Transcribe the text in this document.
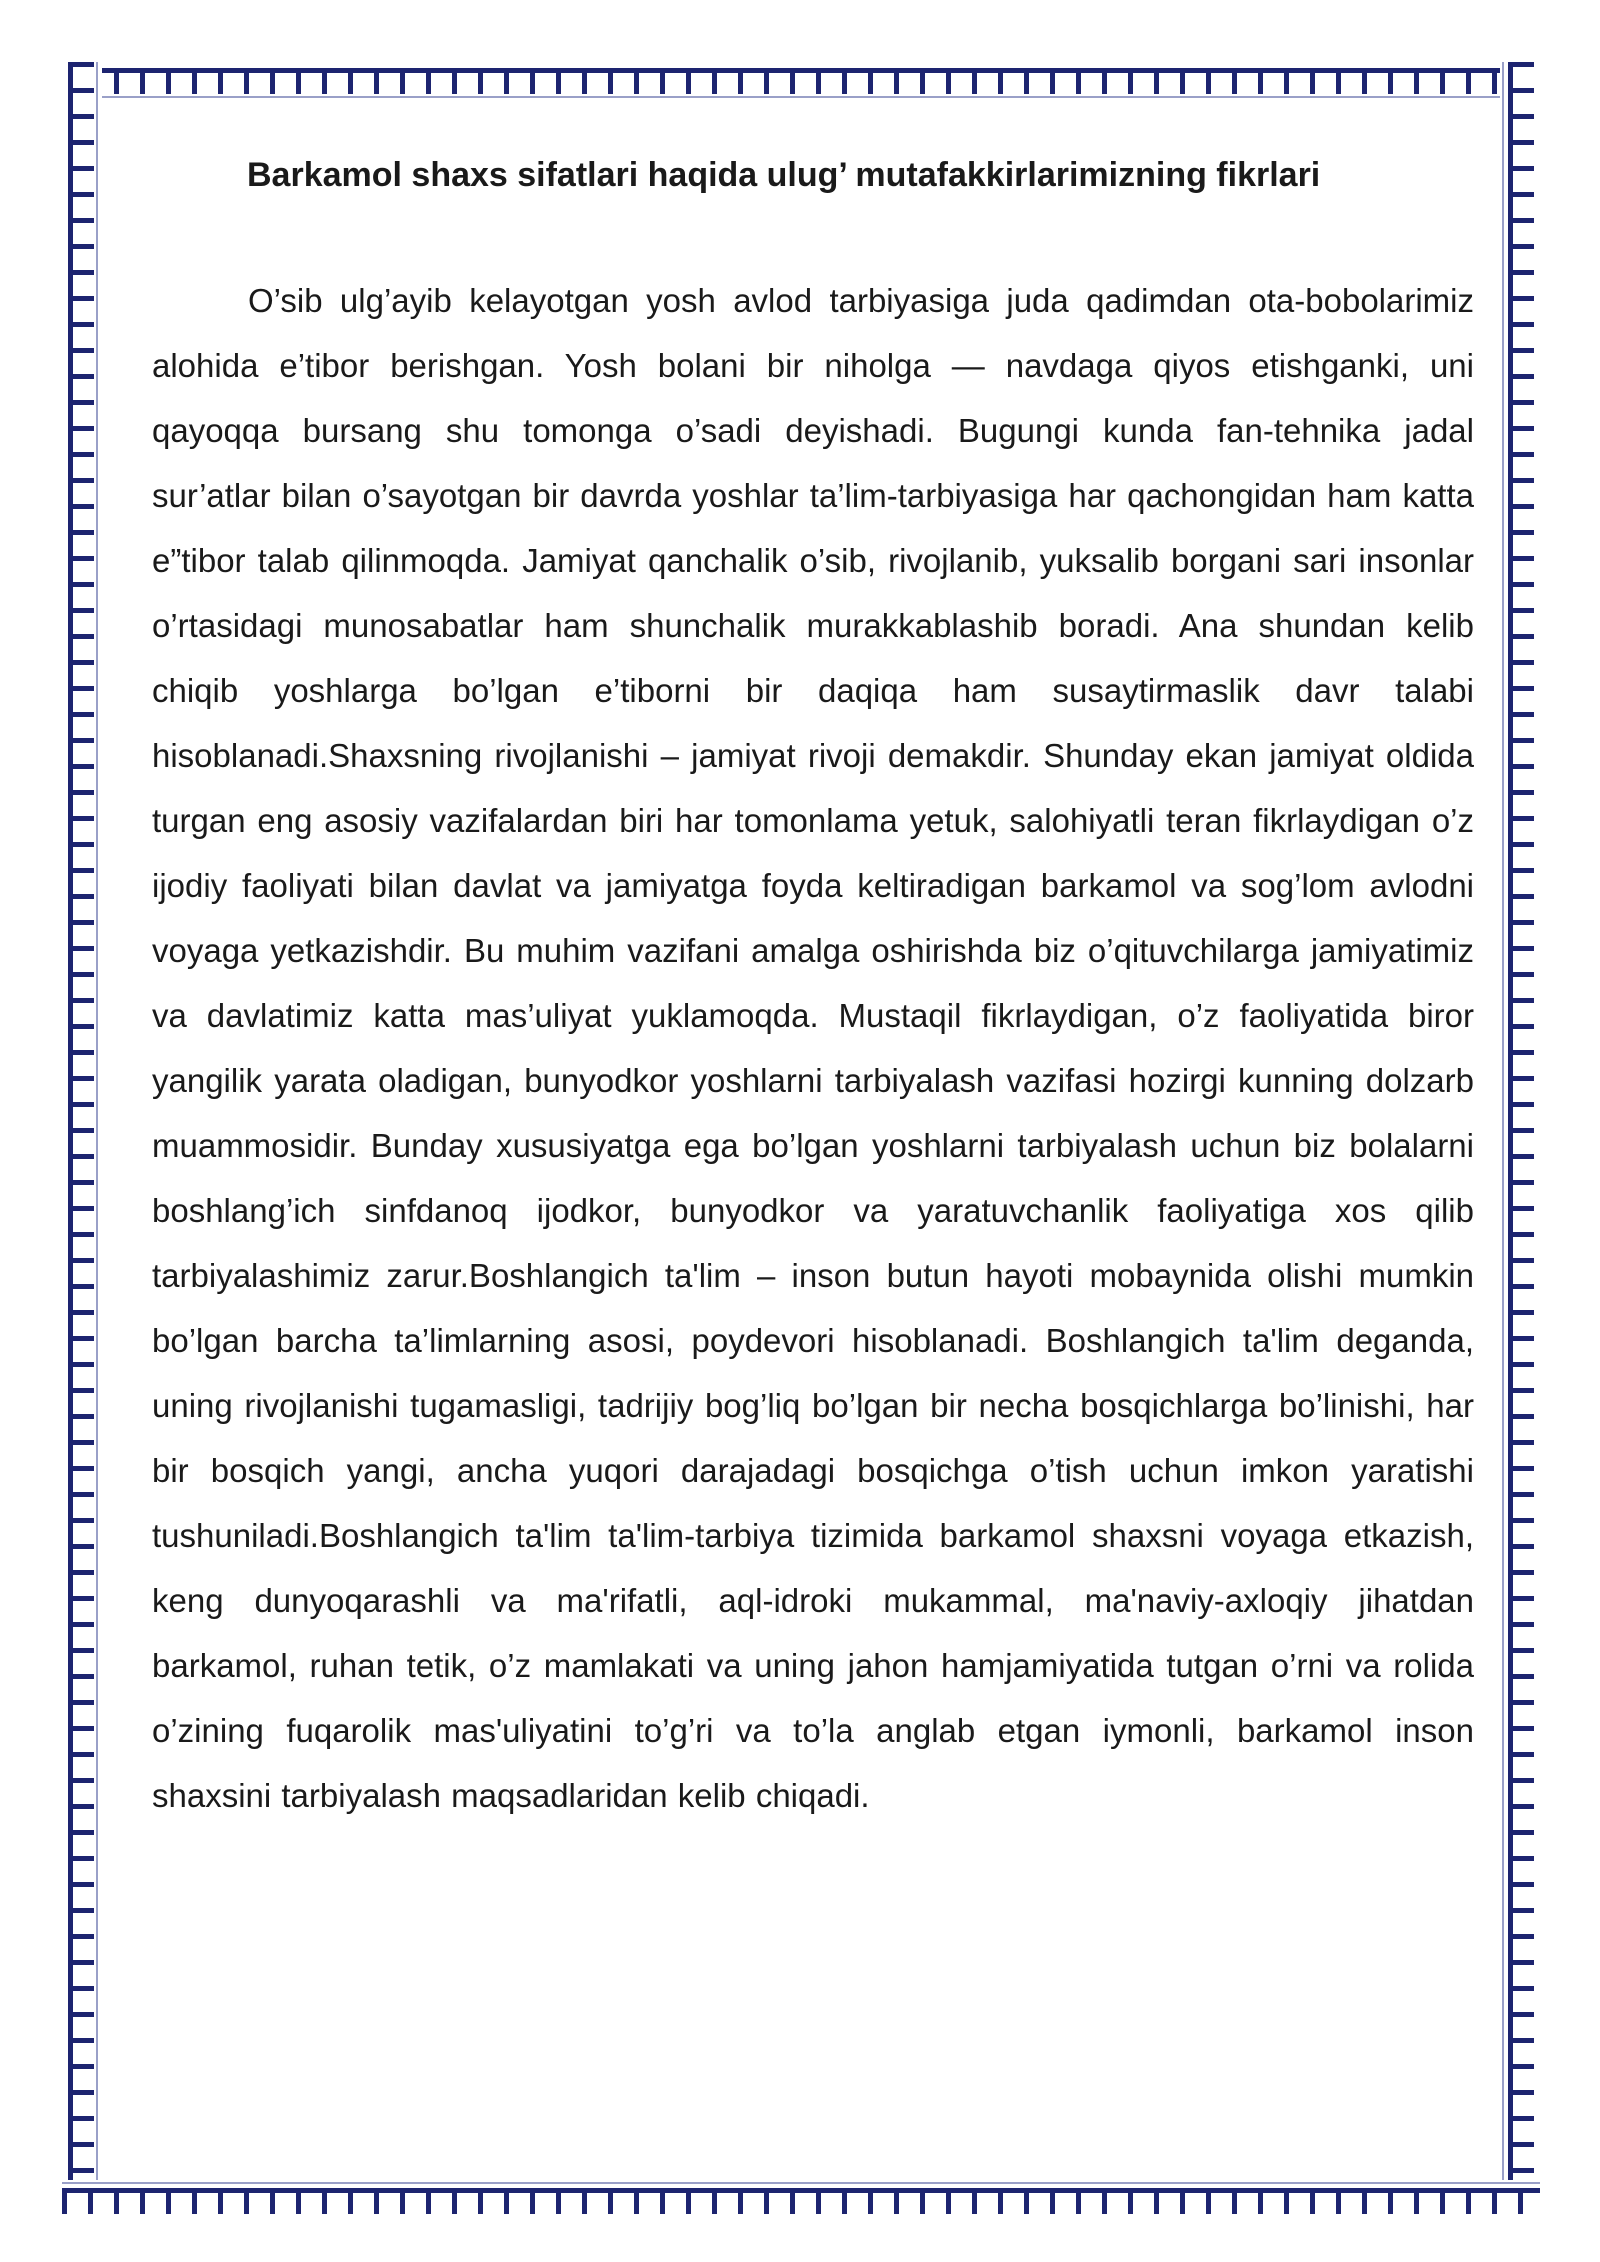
Barkamol shaxs sifatlari haqida ulug’ mutafakkirlarimizning fikrlari

O’sib ulg’ayib kelayotgan yosh avlod tarbiyasiga juda qadimdan ota-bobolarimiz alohida e’tibor berishgan. Yosh bolani bir niholga — navdaga qiyos etishganki, uni qayoqqa bursang shu tomonga o’sadi deyishadi. Bugungi kunda fan-tehnika jadal sur’atlar bilan o’sayotgan bir davrda yoshlar ta’lim-tarbiyasiga har qachongidan ham katta e”tibor talab qilinmoqda. Jamiyat qanchalik o’sib, rivojlanib, yuksalib borgani sari insonlar o’rtasidagi munosabatlar ham shunchalik murakkablashib boradi. Ana shundan kelib chiqib yoshlarga bo’lgan e’tiborni bir daqiqa ham susaytirmaslik davr talabi hisoblanadi.Shaxsning rivojlanishi – jamiyat rivoji demakdir. Shunday ekan jamiyat oldida turgan eng asosiy vazifalardan biri har tomonlama yetuk, salohiyatli teran fikrlaydigan o’z ijodiy faoliyati bilan davlat va jamiyatga foyda keltiradigan barkamol va sog’lom avlodni voyaga yetkazishdir. Bu muhim vazifani amalga oshirishda biz o’qituvchilarga jamiyatimiz va davlatimiz katta mas’uliyat yuklamoqda. Mustaqil fikrlaydigan, o’z faoliyatida biror yangilik yarata oladigan, bunyodkor yoshlarni tarbiyalash vazifasi hozirgi kunning dolzarb muammosidir. Bunday xususiyatga ega bo’lgan yoshlarni tarbiyalash uchun biz bolalarni boshlang’ich sinfdanoq ijodkor, bunyodkor va yaratuvchanlik faoliyatiga xos qilib tarbiyalashimiz zarur.Boshlangich ta'lim – inson butun hayoti mobaynida olishi mumkin bo’lgan barcha ta’limlarning asosi, poydevori hisoblanadi. Boshlangich ta'lim deganda, uning rivojlanishi tugamasligi, tadrijiy bog’liq bo’lgan bir necha bosqichlarga bo’linishi, har bir bosqich yangi, ancha yuqori darajadagi bosqichga o’tish uchun imkon yaratishi tushuniladi.Boshlangich ta'lim ta'lim-tarbiya tizimida barkamol shaxsni voyaga etkazish, keng dunyoqarashli va ma'rifatli, aql-idroki mukammal, ma'naviy-axloqiy jihatdan barkamol, ruhan tetik, o’z mamlakati va uning jahon hamjamiyatida tutgan o’rni va rolida o’zining fuqarolik mas'uliyatini to’g’ri va to’la anglab etgan iymonli, barkamol inson shaxsini tarbiyalash maqsadlaridan kelib chiqadi.
